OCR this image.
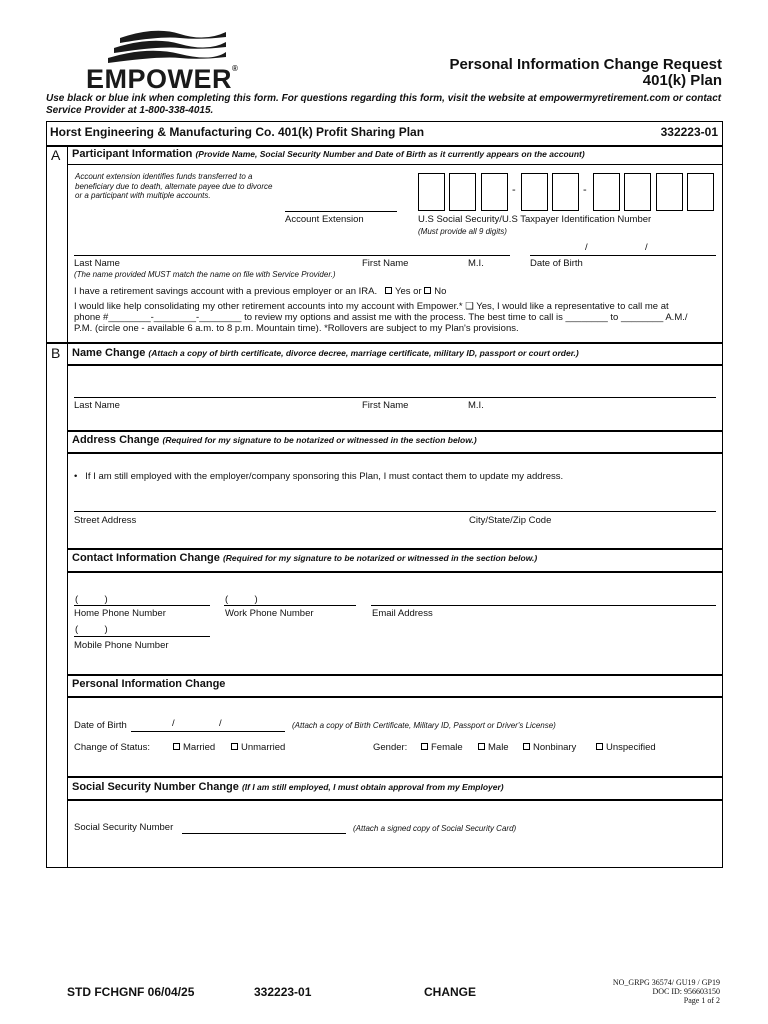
EMPOWER®	Personal Information Change Request
401(k) Plan
Use black or blue ink when completing this form. For questions regarding this form, visit the website at empowermyretirement.com or contact Service Provider at 1-800-338-4015.
Horst Engineering & Manufacturing Co. 401(k) Profit Sharing Plan	332223-01
A Participant Information (Provide Name, Social Security Number and Date of Birth as it currently appears on the account)
Account extension identifies funds transferred to a beneficiary due to death, alternate payee due to divorce or a participant with multiple accounts.
Account Extension
-	-
U.S Social Security/U.S Taxpayer Identification Number
(Must provide all 9 digits)
/	/
Last Name	First Name	M.I.	Date of Birth
(The name provided MUST match the name on file with Service Provider.)
I have a retirement savings account with a previous employer or an IRA. Yes or No
I would like help consolidating my other retirement accounts into my account with Empower.* ❑ Yes, I would like a representative to call me at
phone #________-________-________ to review my options and assist me with the process. The best time to call is ________ to ________ A.M./
P.M. (circle one - available 6 a.m. to 8 p.m. Mountain time). *Rollovers are subject to my Plan's provisions.
B Name Change (Attach a copy of birth certificate, divorce decree, marriage certificate, military ID, passport or court order.)
Last Name	First Name	M.I.
Address Change (Required for my signature to be notarized or witnessed in the section below.)
• If I am still employed with the employer/company sponsoring this Plan, I must contact them to update my address.
Street Address	City/State/Zip Code
Contact Information Change (Required for my signature to be notarized or witnessed in the section below.)
(          )	(          )
Home Phone Number	Work Phone Number	Email Address
(          )
Mobile Phone Number
Personal Information Change
Date of Birth	/	/	(Attach a copy of Birth Certificate, Military ID, Passport or Driver's License)
Change of Status:	Married	Unmarried	Gender:	Female	Male	Nonbinary	Unspecified
Social Security Number Change (If I am still employed, I must obtain approval from my Employer)
Social Security Number	(Attach a signed copy of Social Security Card)
STD FCHGNF 06/04/25	332223-01	CHANGE
NO_GRPG 36574/ GU19 / GP19
DOC ID: 956603150
Page 1 of 2
